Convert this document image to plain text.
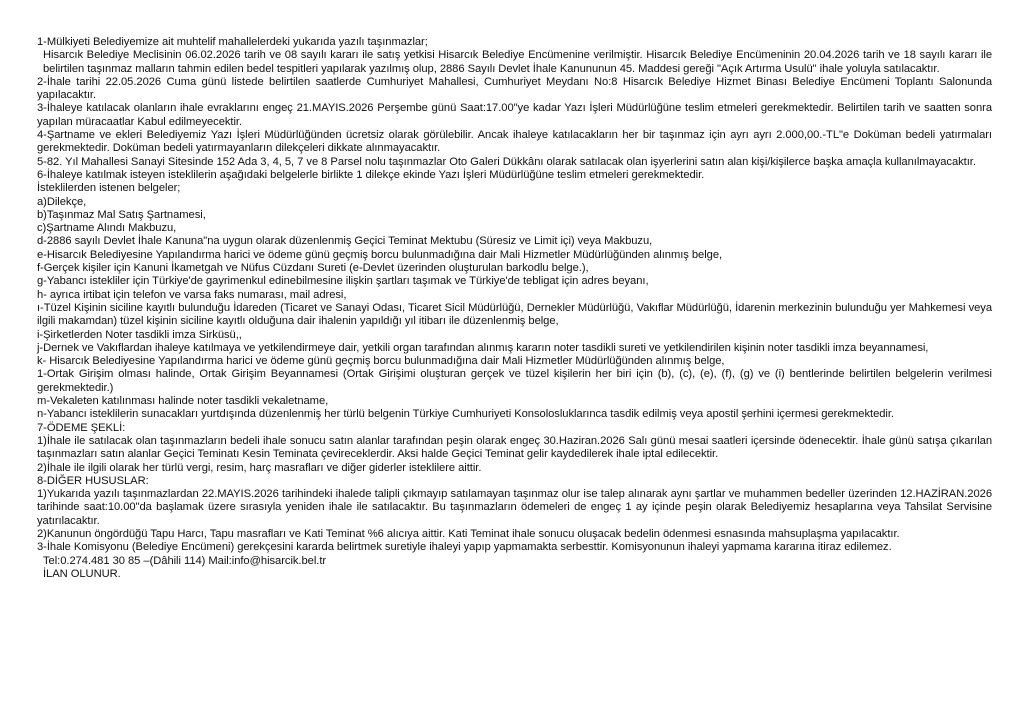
1-Mülkiyeti Belediyemize ait muhtelif mahallelerdeki yukarıda yazılı taşınmazlar;

Hisarcık Belediye Meclisinin 06.02.2026 tarih ve 08 sayılı kararı ile satış yetkisi Hisarcık Belediye Encümenine verilmiştir. Hisarcık Belediye Encümeninin 20.04.2026 tarih ve 18 sayılı kararı ile belirtilen taşınmaz malların tahmin edilen bedel tespitleri yapılarak yazılmış olup, 2886 Sayılı Devlet İhale Kanununun 45. Maddesi gereği "Açık Artırma Usulü" ihale yoluyla satılacaktır.

2-İhale tarihi 22.05.2026 Cuma günü listede belirtilen saatlerde Cumhuriyet Mahallesi, Cumhuriyet Meydanı No:8 Hisarcık Belediye Hizmet Binası Belediye Encümeni Toplantı Salonunda yapılacaktır.

3-İhaleye katılacak olanların ihale evraklarını engeç 21.MAYIS.2026 Perşembe günü Saat:17.00"ye kadar Yazı İşleri Müdürlüğüne teslim etmeleri gerekmektedir. Belirtilen tarih ve saatten sonra yapılan müracaatlar Kabul edilmeyecektir.

4-Şartname ve ekleri Belediyemiz Yazı İşleri Müdürlüğünden ücretsiz olarak görülebilir. Ancak ihaleye katılacakların her bir taşınmaz için ayrı ayrı 2.000,00.-TL"e Doküman bedeli yatırmaları gerekmektedir. Doküman bedeli yatırmayanların dilekçeleri dikkate alınmayacaktır.

5-82. Yıl Mahallesi Sanayi Sitesinde 152 Ada 3, 4, 5, 7 ve 8 Parsel nolu taşınmazlar Oto Galeri Dükkânı olarak satılacak olan işyerlerini satın alan kişi/kişilerce başka amaçla kullanılmayacaktır.

6-İhaleye katılmak isteyen isteklilerin aşağıdaki belgelerle birlikte 1 dilekçe ekinde Yazı İşleri Müdürlüğüne teslim etmeleri gerekmektedir.

İsteklilerden istenen belgeler;

a)Dilekçe,

b)Taşınmaz Mal Satış Şartnamesi,

c)Şartname Alındı Makbuzu,

d-2886 sayılı Devlet İhale Kanuna"na uygun olarak düzenlenmiş Geçici Teminat Mektubu (Süresiz ve Limit içi) veya Makbuzu,

e-Hisarcık Belediyesine Yapılandırma harici ve ödeme günü geçmiş borcu bulunmadığına dair Mali Hizmetler Müdürlüğünden alınmış belge,

f-Gerçek kişiler için Kanuni İkametgah ve Nüfus Cüzdanı Sureti (e-Devlet üzerinden oluşturulan barkodlu belge.),

g-Yabancı istekliler için Türkiye'de gayrimenkul edinebilmesine ilişkin şartları taşımak ve Türkiye'de tebligat için adres beyanı,

h- ayrıca irtibat için telefon ve varsa faks numarası, mail adresi,

ı-Tüzel Kişinin siciline kayıtlı bulunduğu İdareden (Ticaret ve Sanayi Odası, Ticaret Sicil Müdürlüğü, Dernekler Müdürlüğü, Vakıflar Müdürlüğü, İdarenin merkezinin bulunduğu yer Mahkemesi veya ilgili makamdan) tüzel kişinin siciline kayıtlı olduğuna dair ihalenin yapıldığı yıl itibarı ile düzenlenmiş belge,

i-Şirketlerden Noter tasdikli imza Sirküsü,,

j-Dernek ve Vakıflardan ihaleye katılmaya ve yetkilendirmeye dair, yetkili organ tarafından alınmış kararın noter tasdikli sureti ve yetkilendirilen kişinin noter tasdikli imza beyannamesi,

k- Hisarcık Belediyesine Yapılandırma harici ve ödeme günü geçmiş borcu bulunmadığına dair Mali Hizmetler Müdürlüğünden alınmış belge,

1-Ortak Girişim olması halinde, Ortak Girişim Beyannamesi (Ortak Girişimi oluşturan gerçek ve tüzel kişilerin her biri için (b), (c), (e), (f), (g) ve (i) bentlerinde belirtilen belgelerin verilmesi gerekmektedir.)

m-Vekaleten katılınması halinde noter tasdikli vekaletname,

n-Yabancı isteklilerin sunacakları yurtdışında düzenlenmiş her türlü belgenin Türkiye Cumhuriyeti Konsolosluklarınca tasdik edilmiş veya apostil şerhini içermesi gerekmektedir.

7-ÖDEME ŞEKLİ:

1)İhale ile satılacak olan taşınmazların bedeli ihale sonucu satın alanlar tarafından peşin olarak engeç 30.Haziran.2026 Salı günü mesai saatleri içersinde ödenecektir. İhale günü satışa çıkarılan taşınmazları satın alanlar Geçici Teminatı Kesin Teminata çevireceklerdir. Aksi halde Geçici Teminat gelir kaydedilerek ihale iptal edilecektir.

2)İhale ile ilgili olarak her türlü vergi, resim, harç masrafları ve diğer giderler isteklilere aittir.

8-DİĞER HUSUSLAR:

1)Yukarıda yazılı taşınmazlardan 22.MAYIS.2026 tarihindeki ihalede talipli çıkmayıp satılamayan taşınmaz olur ise talep alınarak aynı şartlar ve muhammen bedeller üzerinden 12.HAZİRAN.2026 tarihinde saat:10.00"da başlamak üzere sırasıyla yeniden ihale ile satılacaktır. Bu taşınmazların ödemeleri de engeç 1 ay içinde peşin olarak Belediyemiz hesaplarına veya Tahsilat Servisine yatırılacaktır.

2)Kanunun öngördüğü Tapu Harcı, Tapu masrafları ve Kati Teminat %6 alıcıya aittir. Kati Teminat ihale sonucu oluşacak bedelin ödenmesi esnasında mahsuplaşma yapılacaktır.

3-İhale Komisyonu (Belediye Encümeni) gerekçesini kararda belirtmek suretiyle ihaleyi yapıp yapmamakta serbesttir. Komisyonunun ihaleyi yapmama kararına itiraz edilemez.

Tel:0.274.481 30 85 –(Dâhili 114) Mail:info@hisarcik.bel.tr

İLAN OLUNUR.
